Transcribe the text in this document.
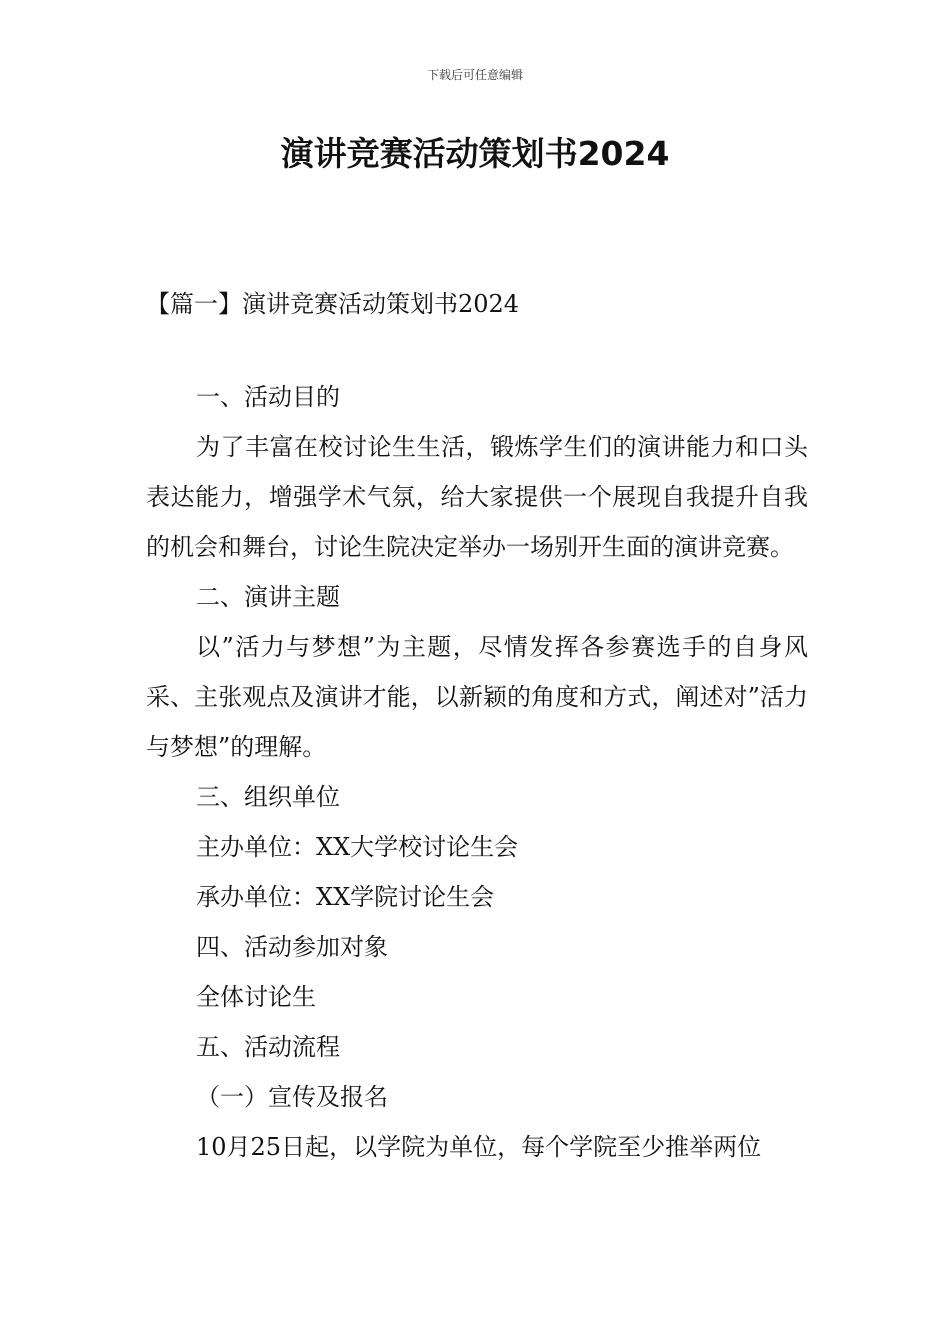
下载后可任意编辑
演讲竞赛活动策划书2024
【篇一】演讲竞赛活动策划书2024

一、活动目的

为了丰富在校讨论生生活，锻炼学生们的演讲能力和口头表达能力，增强学术气氛，给大家提供一个展现自我提升自我的机会和舞台，讨论生院决定举办一场别开生面的演讲竞赛。

二、演讲主题

以”活力与梦想”为主题，尽情发挥各参赛选手的自身风采、主张观点及演讲才能，以新颖的角度和方式，阐述对”活力与梦想”的理解。

三、组织单位

主办单位：XX大学校讨论生会

承办单位：XX学院讨论生会

四、活动参加对象

全体讨论生

五、活动流程

（一）宣传及报名

10月25日起，以学院为单位，每个学院至少推举两位
